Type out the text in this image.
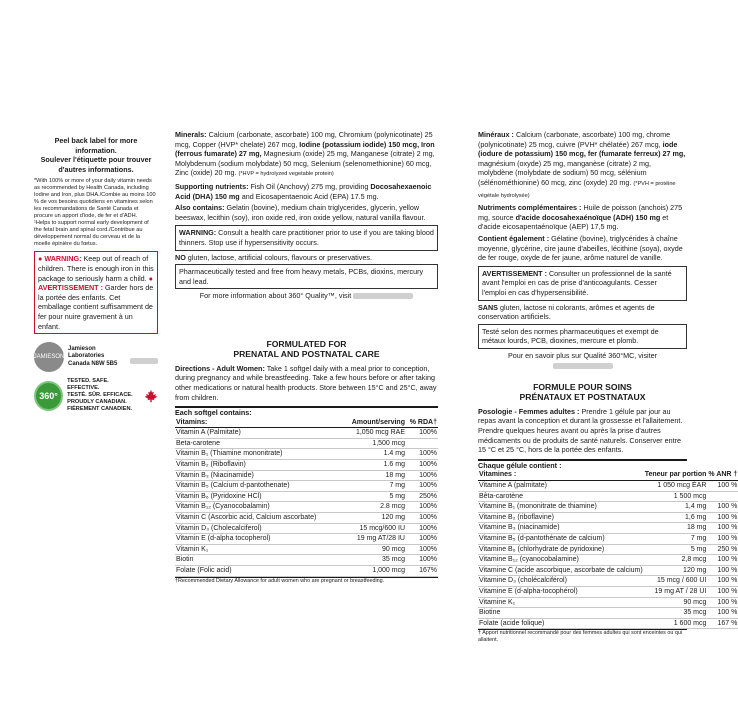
Peel back label for more information.
Soulever l'étiquette pour trouver d'autres informations.
*With 100% or more of your daily vitamin needs as recommended by Health Canada, including Iodine and Iron, plus DHA./Combie au moins 100 % de vos besoins quotidiens en vitamines selon les recommandations de Santé Canada et procure un apport d'iode, de fer et d'ADH.
¹Helps to support normal early development of the fetal brain and spinal cord./Contribue au développement normal du cerveau et de la moelle épinière du fœtus.
● WARNING: Keep out of reach of children. There is enough iron in this package to seriously harm a child. ● AVERTISSEMENT : Garder hors de la portée des enfants. Cet emballage contient suffisamment de fer pour nuire gravement à un enfant.
JAMIESON
Jamieson Laboratories
Canada N8W 5B5
360°
TESTED. SAFE. EFFECTIVE.
TESTÉ. SÛR. EFFICACE.
PROUDLY CANADIAN.
FIÈREMENT CANADIEN.
Minerals: Calcium (carbonate, ascorbate) 100 mg, Chromium (polynicotinate) 25 mcg, Copper (HVP* chelate) 267 mcg, Iodine (potassium iodide) 150 mcg, Iron (ferrous fumarate) 27 mg, Magnesium (oxide) 25 mg, Manganese (citrate) 2 mg, Molybdenum (sodium molybdate) 50 mcg, Selenium (selenomethionine) 60 mcg, Zinc (oxide) 20 mg. (*HVP = hydrolyzed vegetable protein)
Supporting nutrients: Fish Oil (Anchovy) 275 mg, providing Docosahexaenoic Acid (DHA) 150 mg and Eicosapentaenoic Acid (EPA) 17.5 mg.
Also contains: Gelatin (bovine), medium chain triglycerides, glycerin, yellow beeswax, lecithin (soy), iron oxide red, iron oxide yellow, natural vanilla flavour.
WARNING: Consult a health care practitioner prior to use if you are taking blood thinners. Stop use if hypersensitivity occurs.
NO gluten, lactose, artificial colours, flavours or preservatives.
Pharmaceutically tested and free from heavy metals, PCBs, dioxins, mercury and lead.
For more information about 360° Quality™, visit
FORMULATED FOR
PRENATAL AND POSTNATAL CARE
Directions - Adult Women: Take 1 softgel daily with a meal prior to conception, during pregnancy and while breastfeeding. Take a few hours before or after taking other medications or natural health products. Store between 15°C and 25°C, away from children.
Each softgel contains:
Vitamins:	Amount/serving	% RDA†
Vitamin A (Palmitate)	1,050 mcg RAE	100%
Beta-carotene	1,500 mcg	
Vitamin B₁ (Thiamine mononitrate)	1.4 mg	100%
Vitamin B₂ (Riboflavin)	1.6 mg	100%
Vitamin B₃ (Niacinamide)	18 mg	100%
Vitamin B₅ (Calcium d-pantothenate)	7 mg	100%
Vitamin B₆ (Pyridoxine HCl)	5 mg	250%
Vitamin B₁₂ (Cyanocobalamin)	2.8 mcg	100%
Vitamin C (Ascorbic acid, Calcium ascorbate)	120 mg	100%
Vitamin D₃ (Cholecalciferol)	15 mcg/600 IU	100%
Vitamin E (d-alpha tocopherol)	19 mg AT/28 IU	100%
Vitamin K₁	90 mcg	100%
Biotin	35 mcg	100%
Folate (Folic acid)	1,000 mcg	167%
†Recommended Dietary Allowance for adult women who are pregnant or breastfeeding.
Minéraux : Calcium (carbonate, ascorbate) 100 mg, chrome (polynicotinate) 25 mcg, cuivre (PVH* chélatée) 267 mcg, iode (iodure de potassium) 150 mcg, fer (fumarate ferreux) 27 mg, magnésium (oxyde) 25 mg, manganèse (citrate) 2 mg, molybdène (molybdate de sodium) 50 mcg, sélénium (sélénométhionine) 60 mcg, zinc (oxyde) 20 mg. (*PVH = protéine végétale hydrolysée)
Nutriments complémentaires : Huile de poisson (anchois) 275 mg, source d'acide docosahexaénoïque (ADH) 150 mg et d'acide eicosapentaénoïque (AEP) 17,5 mg.
Contient également : Gélatine (bovine), triglycérides à chaîne moyenne, glycérine, cire jaune d'abeilles, lécithine (soya), oxyde de fer rouge, oxyde de fer jaune, arôme naturel de vanille.
AVERTISSEMENT : Consulter un professionnel de la santé avant l'emploi en cas de prise d'anticoagulants. Cesser l'emploi en cas d'hypersensibilité.
SANS gluten, lactose ni colorants, arômes et agents de conservation artificiels.
Testé selon des normes pharmaceutiques et exempt de métaux lourds, PCB, dioxines, mercure et plomb.
Pour en savoir plus sur Qualité 360°MC, visiter
FORMULE POUR SOINS
PRÉNATAUX ET POSTNATAUX
Posologie - Femmes adultes : Prendre 1 gélule par jour au repas avant la conception et durant la grossesse et l'allaitement. Prendre quelques heures avant ou après la prise d'autres médicaments ou de produits de santé naturels. Conserver entre 15 °C et 25 °C, hors de la portée des enfants.
Chaque gélule contient :
Vitamines :	Teneur par portion	% ANR †
Vitamine A (palmitate)	1 050 mcg ÉAR	100 %
Bêta-carotène	1 500 mcg	
Vitamine B₁ (mononitrate de thiamine)	1,4 mg	100 %
Vitamine B₂ (riboflavine)	1,6 mg	100 %
Vitamine B₃ (niacinamide)	18 mg	100 %
Vitamine B₅ (d-pantothénate de calcium)	7 mg	100 %
Vitamine B₆ (chlorhydrate de pyridoxine)	5 mg	250 %
Vitamine B₁₂ (cyanocobalamine)	2,8 mcg	100 %
Vitamine C (acide ascorbique, ascorbate de calcium)	120 mg	100 %
Vitamine D₃ (cholécalciférol)	15 mcg / 600 UI	100 %
Vitamine E (d-alpha-tocophérol)	19 mg AT / 28 UI	100 %
Vitamine K₁	90 mcg	100 %
Biotine	35 mcg	100 %
Folate (acide folique)	1 600 mcg	167 %
† Apport nutritionnel recommandé pour des femmes adultes qui sont enceintes ou qui allaitent.
